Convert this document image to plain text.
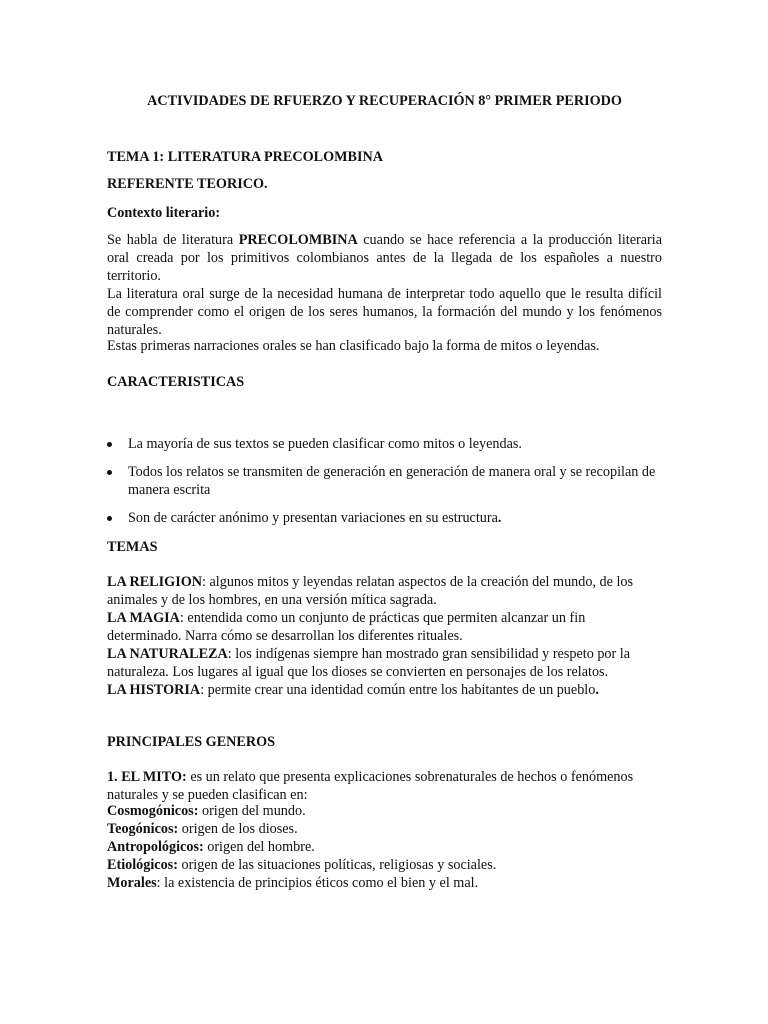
ACTIVIDADES DE RFUERZO Y RECUPERACIÓN 8° PRIMER PERIODO

TEMA 1: LITERATURA PRECOLOMBINA

REFERENTE TEORICO.

Contexto literario:

Se habla de literatura PRECOLOMBINA cuando se hace referencia a la producción literaria oral creada por los primitivos colombianos antes de la llegada de los españoles a nuestro territorio.

La literatura oral surge de la necesidad humana de interpretar todo aquello que le resulta difícil de comprender como el origen de los seres humanos, la formación del mundo y los fenómenos naturales.

Estas primeras narraciones orales se han clasificado bajo la forma de mitos o leyendas.

CARACTERISTICAS

La mayoría de sus textos se pueden clasificar como mitos o leyendas.
Todos los relatos se transmiten de generación en generación de manera oral y se recopilan de manera escrita
Son de carácter anónimo y presentan variaciones en su estructura.

TEMAS

LA RELIGION: algunos mitos y leyendas relatan aspectos de la creación del mundo, de los animales y de los hombres, en una versión mítica sagrada.

LA MAGIA: entendida como un conjunto de prácticas que permiten alcanzar un fin determinado. Narra cómo se desarrollan los diferentes rituales.

LA NATURALEZA: los indígenas siempre han mostrado gran sensibilidad y respeto por la naturaleza. Los lugares al igual que los dioses se convierten en personajes de los relatos.

LA HISTORIA: permite crear una identidad común entre los habitantes de un pueblo.

PRINCIPALES GENEROS

1. EL MITO: es un relato que presenta explicaciones sobrenaturales de hechos o fenómenos naturales y se pueden clasifican en:

Cosmogónicos: origen del mundo.

Teogónicos: origen de los dioses.

Antropológicos: origen del hombre.

Etiológicos: origen de las situaciones políticas, religiosas y sociales.

Morales: la existencia de principios éticos como el bien y el mal.
